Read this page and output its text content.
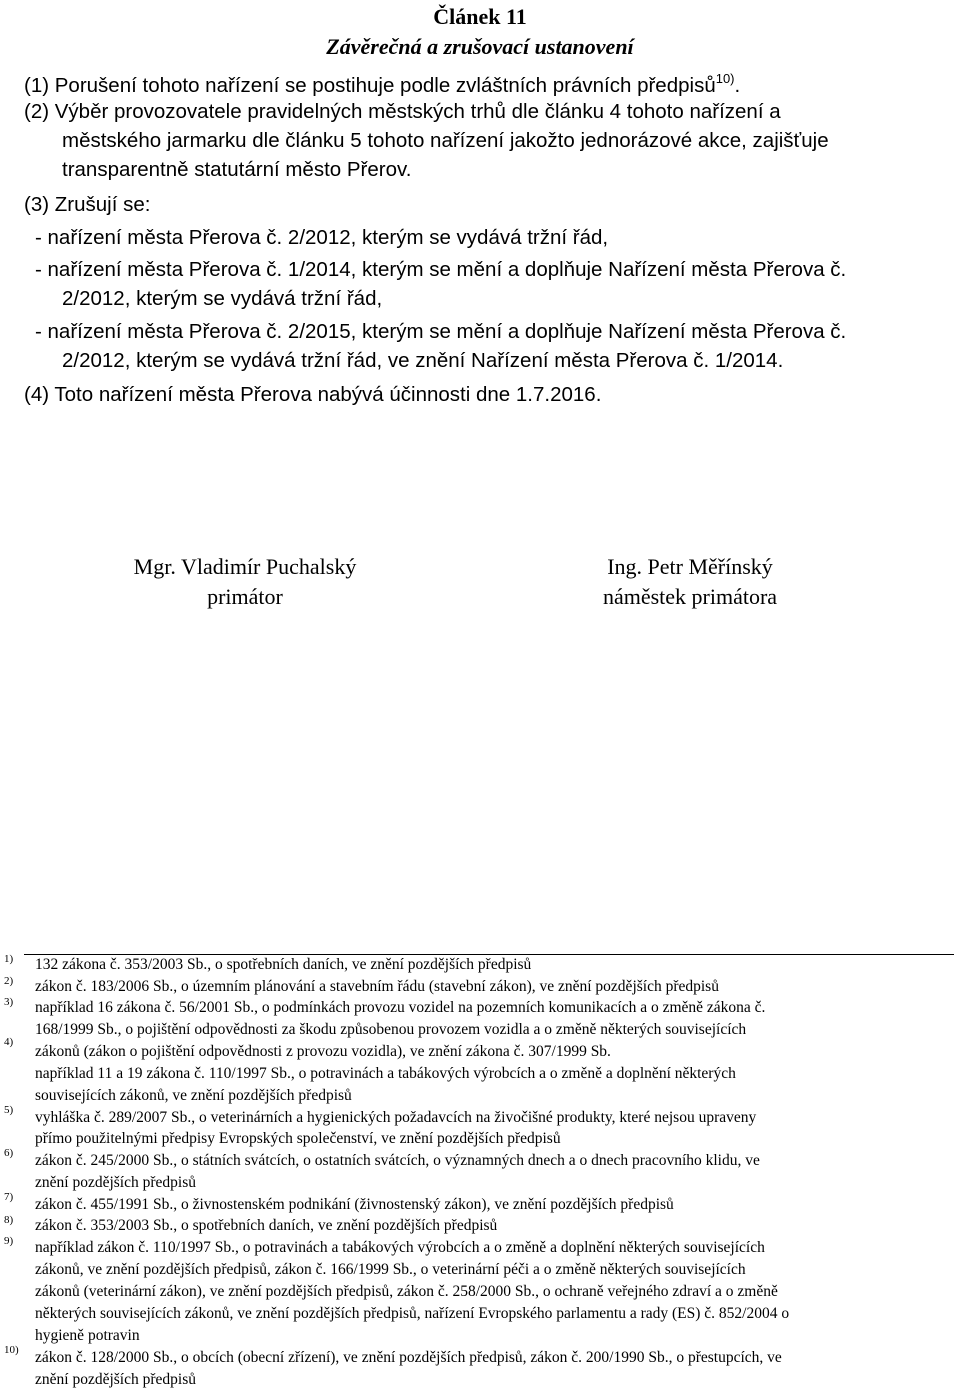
Článek 11
Závěrečná a zrušovací ustanovení
(1) Porušení tohoto nařízení se postihuje podle zvláštních právních předpisů$^{10)}$.
(2) Výběr provozovatele pravidelných městských trhů dle článku 4 tohoto nařízení a
městského jarmarku dle článku 5 tohoto nařízení jakožto jednorázové akce, zajišťuje
transparentně statutární město Přerov.
(3) Zrušují se:
- nařízení města Přerova č. 2/2012, kterým se vydává tržní řád,
- nařízení města Přerova č. 1/2014, kterým se mění a doplňuje Nařízení města Přerova č.
2/2012, kterým se vydává tržní řád,
- nařízení města Přerova č. 2/2015, kterým se mění a doplňuje Nařízení města Přerova č.
2/2012, kterým se vydává tržní řád, ve znění Nařízení města Přerova č. 1/2014.
(4) Toto nařízení města Přerova nabývá účinnosti dne 1.7.2016.
Mgr. Vladimír Puchalský
primátor
Ing. Petr Měřínský
náměstek primátora
1)
2)
3)
4)
5)
6)
7)
8)
9)
10)
132 zákona č. 353/2003 Sb., o spotřebních daních, ve znění pozdějších předpisů
zákon č. 183/2006 Sb., o územním plánování a stavebním řádu (stavební zákon), ve znění pozdějších předpisů
například 16 zákona č. 56/2001 Sb., o podmínkách provozu vozidel na pozemních komunikacích a o změně zákona č.
168/1999 Sb., o pojištění odpovědnosti za škodu způsobenou provozem vozidla a o změně některých souvisejících
zákonů (zákon o pojištění odpovědnosti z provozu vozidla), ve znění zákona č. 307/1999 Sb.
například 11 a 19 zákona č. 110/1997 Sb., o potravinách a tabákových výrobcích a o změně a doplnění některých
souvisejících zákonů, ve znění pozdějších předpisů
vyhláška č. 289/2007 Sb., o veterinárních a hygienických požadavcích na živočišné produkty, které nejsou upraveny
přímo použitelnými předpisy Evropských společenství, ve znění pozdějších předpisů
zákon č. 245/2000 Sb., o státních svátcích, o ostatních svátcích, o významných dnech a o dnech pracovního klidu, ve
znění pozdějších předpisů
zákon č. 455/1991 Sb., o živnostenském podnikání (živnostenský zákon), ve znění pozdějších předpisů
zákon č. 353/2003 Sb., o spotřebních daních, ve znění pozdějších předpisů
například zákon č. 110/1997 Sb., o potravinách a tabákových výrobcích a o změně a doplnění některých souvisejících
zákonů, ve znění pozdějších předpisů, zákon č. 166/1999 Sb., o veterinární péči a o změně některých souvisejících
zákonů (veterinární zákon), ve znění pozdějších předpisů, zákon č. 258/2000 Sb., o ochraně veřejného zdraví a o změně
některých souvisejících zákonů, ve znění pozdějších předpisů, nařízení Evropského parlamentu a rady (ES) č. 852/2004 o
hygieně potravin
zákon č. 128/2000 Sb., o obcích (obecní zřízení), ve znění pozdějších předpisů, zákon č. 200/1990 Sb., o přestupcích, ve
znění pozdějších předpisů
